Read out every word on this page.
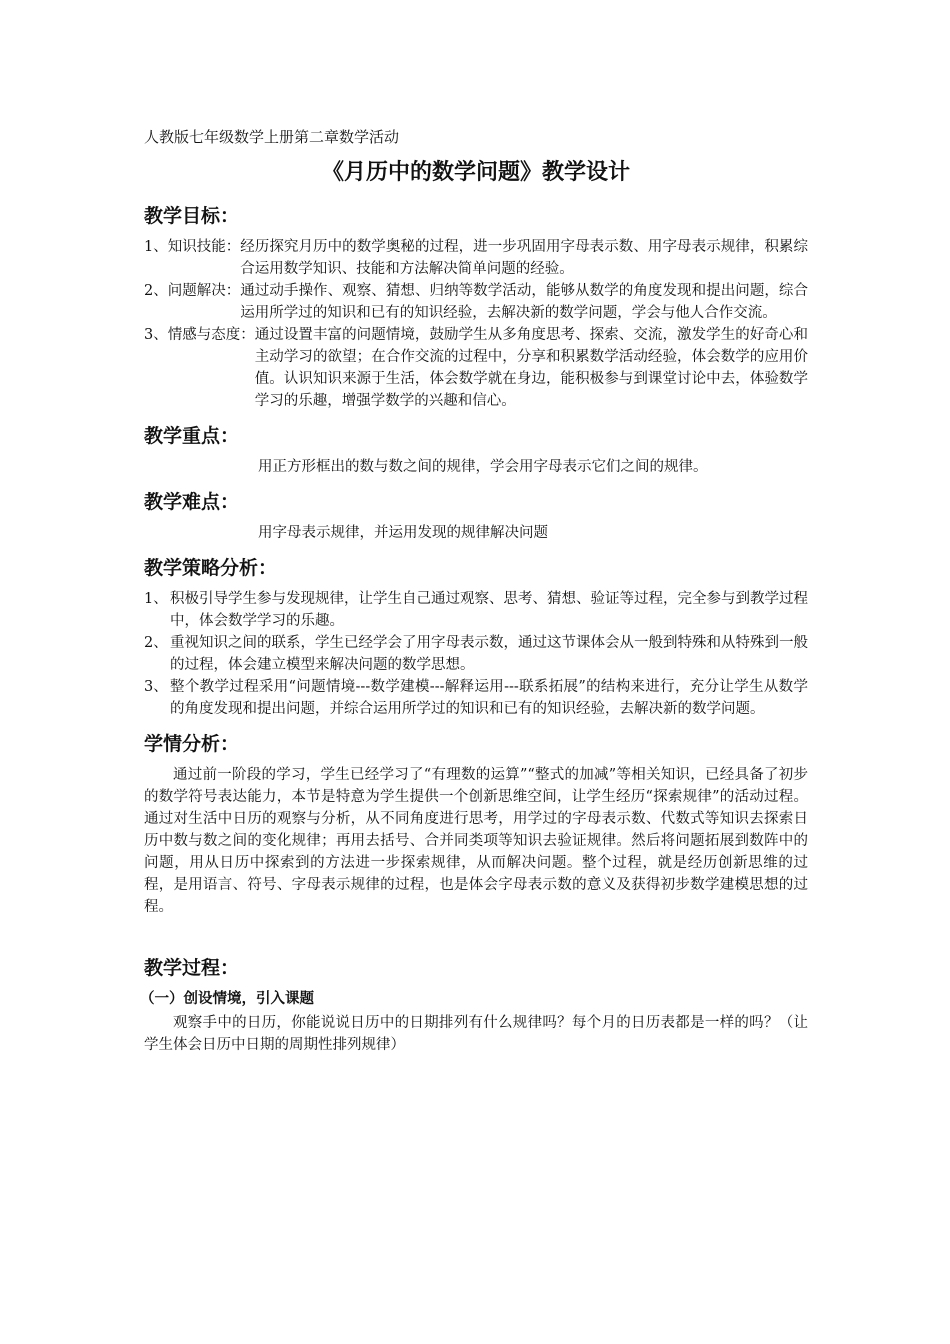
人教版七年级数学上册第二章数学活动

《月历中的数学问题》教学设计
教学目标：
1、知识技能： 经历探究月历中的数学奥秘的过程，进一步巩固用字母表示数、用字母表示规律，积累综合运用数学知识、技能和方法解决简单问题的经验。
2、问题解决： 通过动手操作、观察、猜想、归纳等数学活动，能够从数学的角度发现和提出问题，综合运用所学过的知识和已有的知识经验，去解决新的数学问题，学会与他人合作交流。
3、情感与态度： 通过设置丰富的问题情境，鼓励学生从多角度思考、探索、交流，激发学生的好奇心和主动学习的欲望；在合作交流的过程中，分享和积累数学活动经验，体会数学的应用价值。认识知识来源于生活，体会数学就在身边，能积极参与到课堂讨论中去，体验数学学习的乐趣，增强学数学的兴趣和信心。
教学重点：

用正方形框出的数与数之间的规律，学会用字母表示它们之间的规律。

教学难点：

用字母表示规律，并运用发现的规律解决问题

教学策略分析：
1、 积极引导学生参与发现规律，让学生自己通过观察、思考、猜想、验证等过程，完全参与到教学过程中，体会数学学习的乐趣。
2、 重视知识之间的联系，学生已经学会了用字母表示数，通过这节课体会从一般到特殊和从特殊到一般的过程，体会建立模型来解决问题的数学思想。
3、 整个教学过程采用“问题情境---数学建模---解释运用---联系拓展”的结构来进行，充分让学生从数学的角度发现和提出问题，并综合运用所学过的知识和已有的知识经验，去解决新的数学问题。
学情分析：

通过前一阶段的学习，学生已经学习了“有理数的运算”“整式的加减”等相关知识，已经具备了初步的数学符号表达能力，本节是特意为学生提供一个创新思维空间，让学生经历“探索规律”的活动过程。通过对生活中日历的观察与分析，从不同角度进行思考，用学过的字母表示数、代数式等知识去探索日历中数与数之间的变化规律；再用去括号、合并同类项等知识去验证规律。然后将问题拓展到数阵中的问题，用从日历中探索到的方法进一步探索规律，从而解决问题。整个过程，就是经历创新思维的过程，是用语言、符号、字母表示规律的过程，也是体会字母表示数的意义及获得初步数学建模思想的过程。

教学过程：

（一）创设情境，引入课题

观察手中的日历，你能说说日历中的日期排列有什么规律吗？每个月的日历表都是一样的吗？（让学生体会日历中日期的周期性排列规律）
